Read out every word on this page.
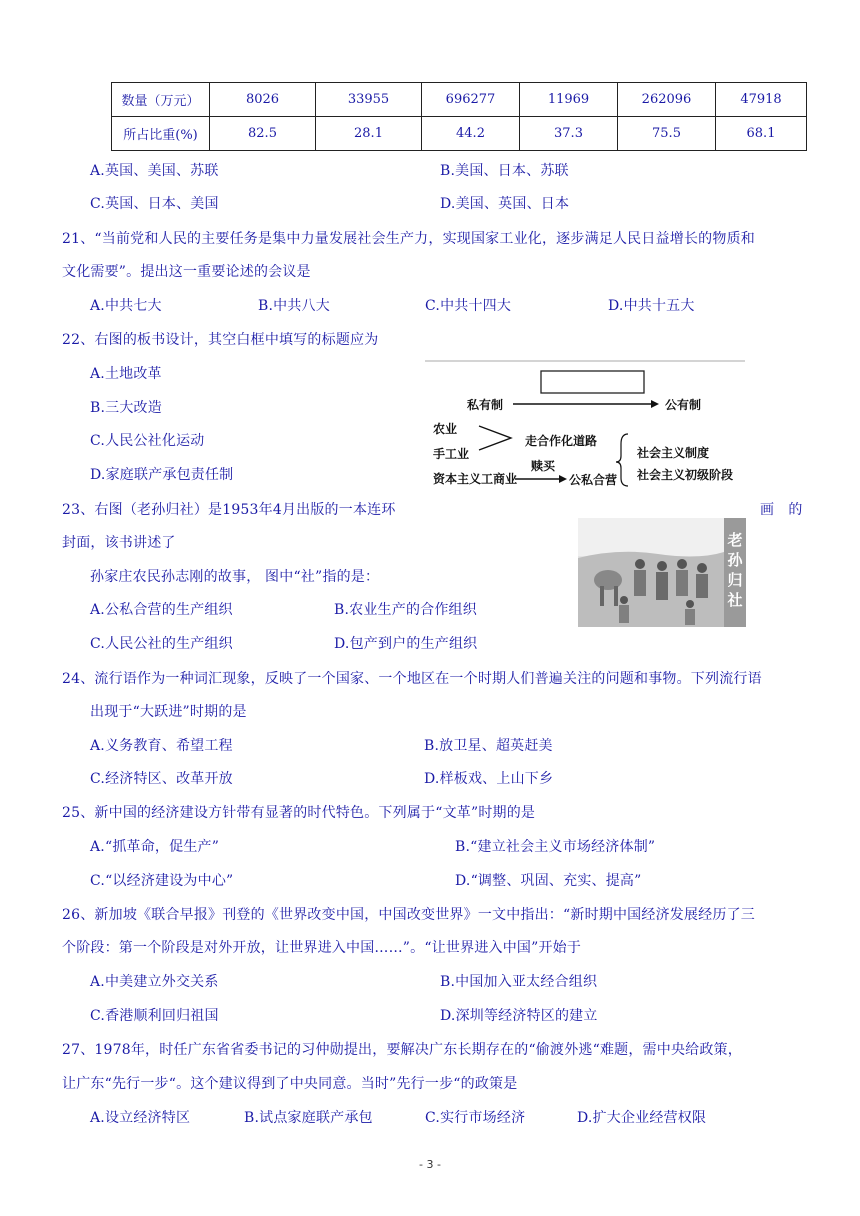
数量（万元）	8026	33955	696277	11969	262096	47918
所占比重(%)	82.5	28.1	44.2	37.3	75.5	68.1
A.英国、美国、苏联	B.美国、日本、苏联
C.英国、日本、美国	D.美国、英国、日本
21、“当前党和人民的主要任务是集中力量发展社会生产力，实现国家工业化，逐步满足人民日益增长的物质和
文化需要”。提出这一重要论述的会议是
A.中共七大	B.中共八大	C.中共十四大	D.中共十五大
22、右图的板书设计，其空白框中填写的标题应为
A.土地改革
B.三大改造
C.人民公社化运动
D.家庭联产承包责任制
私有制	公有制
农业
走合作化道路
手工业
赎买
资本主义工商业	公私合营
社会主义制度
社会主义初级阶段
23、右图（老孙归社）是1953年4月出版的一本连环	画　的
封面，该书讲述了
孙家庄农民孙志刚的故事， 图中“社”指的是：
A.公私合营的生产组织	B.农业生产的合作组织
C.人民公社的生产组织	D.包产到户的生产组织
老
孙
归
社
24、流行语作为一种词汇现象，反映了一个国家、一个地区在一个时期人们普遍关注的问题和事物。下列流行语
出现于“大跃进”时期的是
A.义务教育、希望工程	B.放卫星、超英赶美
C.经济特区、改革开放	D.样板戏、上山下乡
25、新中国的经济建设方针带有显著的时代特色。下列属于“文革”时期的是
A.“抓革命，促生产”	B.“建立社会主义市场经济体制”
C.“以经济建设为中心”	D.“调整、巩固、充实、提高”
26、新加坡《联合早报》刊登的《世界改变中国，中国改变世界》一文中指出：“新时期中国经济发展经历了三
个阶段：第一个阶段是对外开放，让世界进入中国……”。“让世界进入中国”开始于
A.中美建立外交关系	B.中国加入亚太经合组织
C.香港顺利回归祖国	D.深圳等经济特区的建立
27、1978年，时任广东省省委书记的习仲勋提出，要解决广东长期存在的“偷渡外逃“难题，需中央给政策，
让广东“先行一步“。这个建议得到了中央同意。当时”先行一步“的政策是
A.设立经济特区	B.试点家庭联产承包	C.实行市场经济	D.扩大企业经营权限
- 3 -
